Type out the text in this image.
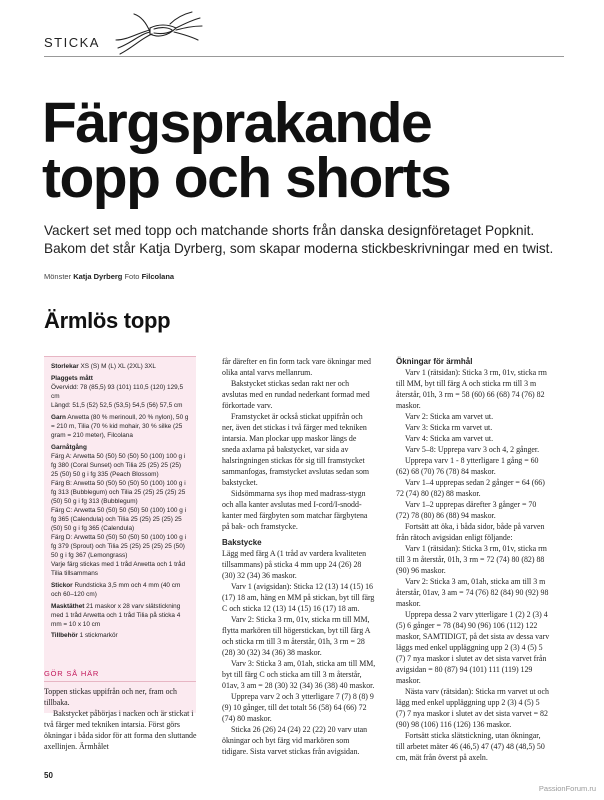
STICKA
Färgsprakande
topp och shorts

Vackert set med topp och matchande shorts från danska designföretaget Popknit. Bakom det står Katja Dyrberg, som skapar moderna stickbeskrivningar med en twist.

Mönster Katja Dyrberg Foto Filcolana
Ärmlös topp

Storlekar XS (S) M (L) XL (2XL) 3XL

Plaggets mått

Övervidd: 78 (85,5) 93 (101) 110,5 (120) 129,5 cm

Längd: 51,5 (52) 52,5 (53,5) 54,5 (56) 57,5 cm

Garn Arwetta (80 % merinoull, 20 % nylon), 50 g = 210 m, Tilia (70 % kid mohair, 30 % silke (25 gram = 210 meter), Filcolana

Garnåtgång

Färg A: Arwetta 50 (50) 50 (50) 50 (100) 100 g i fg 380 (Coral Sunset) och Tilia 25 (25) 25 (25) 25 (50) 50 g i fg 335 (Peach Blossom)

Färg B: Arwetta 50 (50) 50 (50) 50 (100) 100 g i fg 313 (Bubblegum) och Tilia 25 (25) 25 (25) 25 (50) 50 g i fg 313 (Bubblegum)

Färg C: Arwetta 50 (50) 50 (50) 50 (100) 100 g i fg 365 (Calendula) och Tilia 25 (25) 25 (25) 25 (50) 50 g i fg 365 (Calendula)

Färg D: Arwetta 50 (50) 50 (50) 50 (100) 100 g i fg 379 (Sprout) och Tilia 25 (25) 25 (25) 25 (50) 50 g i fg 367 (Lemongrass)

Varje färg stickas med 1 tråd Arwetta och 1 tråd Tilia tillsammans

Stickor Rundsticka 3,5 mm och 4 mm (40 cm och 60–120 cm)

Masktäthet 21 maskor x 28 varv slätstickning med 1 tråd Arwetta och 1 tråd Tilia på sticka 4 mm = 10 x 10 cm

Tillbehör 1 stickmarkör

GÖR SÅ HÄR

Toppen stickas uppifrån och ner, fram och tillbaka.

Bakstycket påbörjas i nacken och är stickat i två färger med tekniken intarsia. Först görs ökningar i båda sidor för att forma den sluttande axellinjen. Ärmhålet

får därefter en fin form tack vare ökningar med olika antal varvs mellanrum.

Bakstycket stickas sedan rakt ner och avslutas med en rundad nederkant formad med förkortade varv.

Framstycket är också stickat uppifrån och ner, även det stickas i två färger med tekniken intarsia. Man plockar upp maskor längs de sneda axlarna på bakstycket, var sida av halsringningen stickas för sig till framstycket sammanfogas, framstycket avslutas sedan som bakstycket.

Sidsömmarna sys ihop med madrass-stygn och alla kanter avslutas med I-cord/I-snodd-kanter med färgbyten som matchar färgbytena på bak- och framstycke.

Bakstycke

Lägg med färg A (1 tråd av vardera kvaliteten tillsammans) på sticka 4 mm upp 24 (26) 28 (30) 32 (34) 36 maskor.

Varv 1 (avigsidan): Sticka 12 (13) 14 (15) 16 (17) 18 am, häng en MM på stickan, byt till färg C och sticka 12 (13) 14 (15) 16 (17) 18 am.

Varv 2: Sticka 3 rm, 01v, sticka rm till MM, flytta markören till högerstickan, byt till färg A och sticka rm till 3 m återstår, 01h, 3 rm = 28 (28) 30 (32) 34 (36) 38 maskor.

Varv 3: Sticka 3 am, 01ah, sticka am till MM, byt till färg C och sticka am till 3 m återstår, 01av, 3 am = 28 (30) 32 (34) 36 (38) 40 maskor.

Upprepa varv 2 och 3 ytterligare 7 (7) 8 (8) 9 (9) 10 gånger, till det totalt 56 (58) 64 (66) 72 (74) 80 maskor.

Sticka 26 (26) 24 (24) 22 (22) 20 varv utan ökningar och byt färg vid markören som tidigare. Sista varvet stickas från avigsidan.

Ökningar för ärmhål

Varv 1 (rätsidan): Sticka 3 rm, 01v, sticka rm till MM, byt till färg A och sticka rm till 3 m återstår, 01h, 3 rm = 58 (60) 66 (68) 74 (76) 82 maskor.

Varv 2: Sticka am varvet ut.

Varv 3: Sticka rm varvet ut.

Varv 4: Sticka am varvet ut.

Varv 5–8: Upprepa varv 3 och 4, 2 gånger.

Upprepa varv 1 - 8 ytterligare 1 gång = 60 (62) 68 (70) 76 (78) 84 maskor.

Varv 1–4 upprepas sedan 2 gånger = 64 (66) 72 (74) 80 (82) 88 maskor.

Varv 1–2 upprepas därefter 3 gånger = 70 (72) 78 (80) 86 (88) 94 maskor.

Fortsätt att öka, i båda sidor, både på varven från rätoch avigsidan enligt följande:

Varv 1 (rätsidan): Sticka 3 rm, 01v, sticka rm till 3 m återstår, 01h, 3 rm = 72 (74) 80 (82) 88 (90) 96 maskor.

Varv 2: Sticka 3 am, 01ah, sticka am till 3 m återstår, 01av, 3 am = 74 (76) 82 (84) 90 (92) 98 maskor.

Upprepa dessa 2 varv ytterligare 1 (2) 2 (3) 4 (5) 6 gånger = 78 (84) 90 (96) 106 (112) 122 maskor, SAMTIDIGT, på det sista av dessa varv läggs med enkel uppläggning upp 2 (3) 4 (5) 5 (7) 7 nya maskor i slutet av det sista varvet från avigsidan = 80 (87) 94 (101) 111 (119) 129 maskor.

Nästa varv (rätsidan): Sticka rm varvet ut och lägg med enkel uppläggning upp 2 (3) 4 (5) 5 (7) 7 nya maskor i slutet av det sista varvet = 82 (90) 98 (106) 116 (126) 136 maskor.

Fortsätt sticka slätstickning, utan ökningar, till arbetet mäter 46 (46,5) 47 (47) 48 (48,5) 50 cm, mät från överst på axeln.

50
PassionForum.ru
